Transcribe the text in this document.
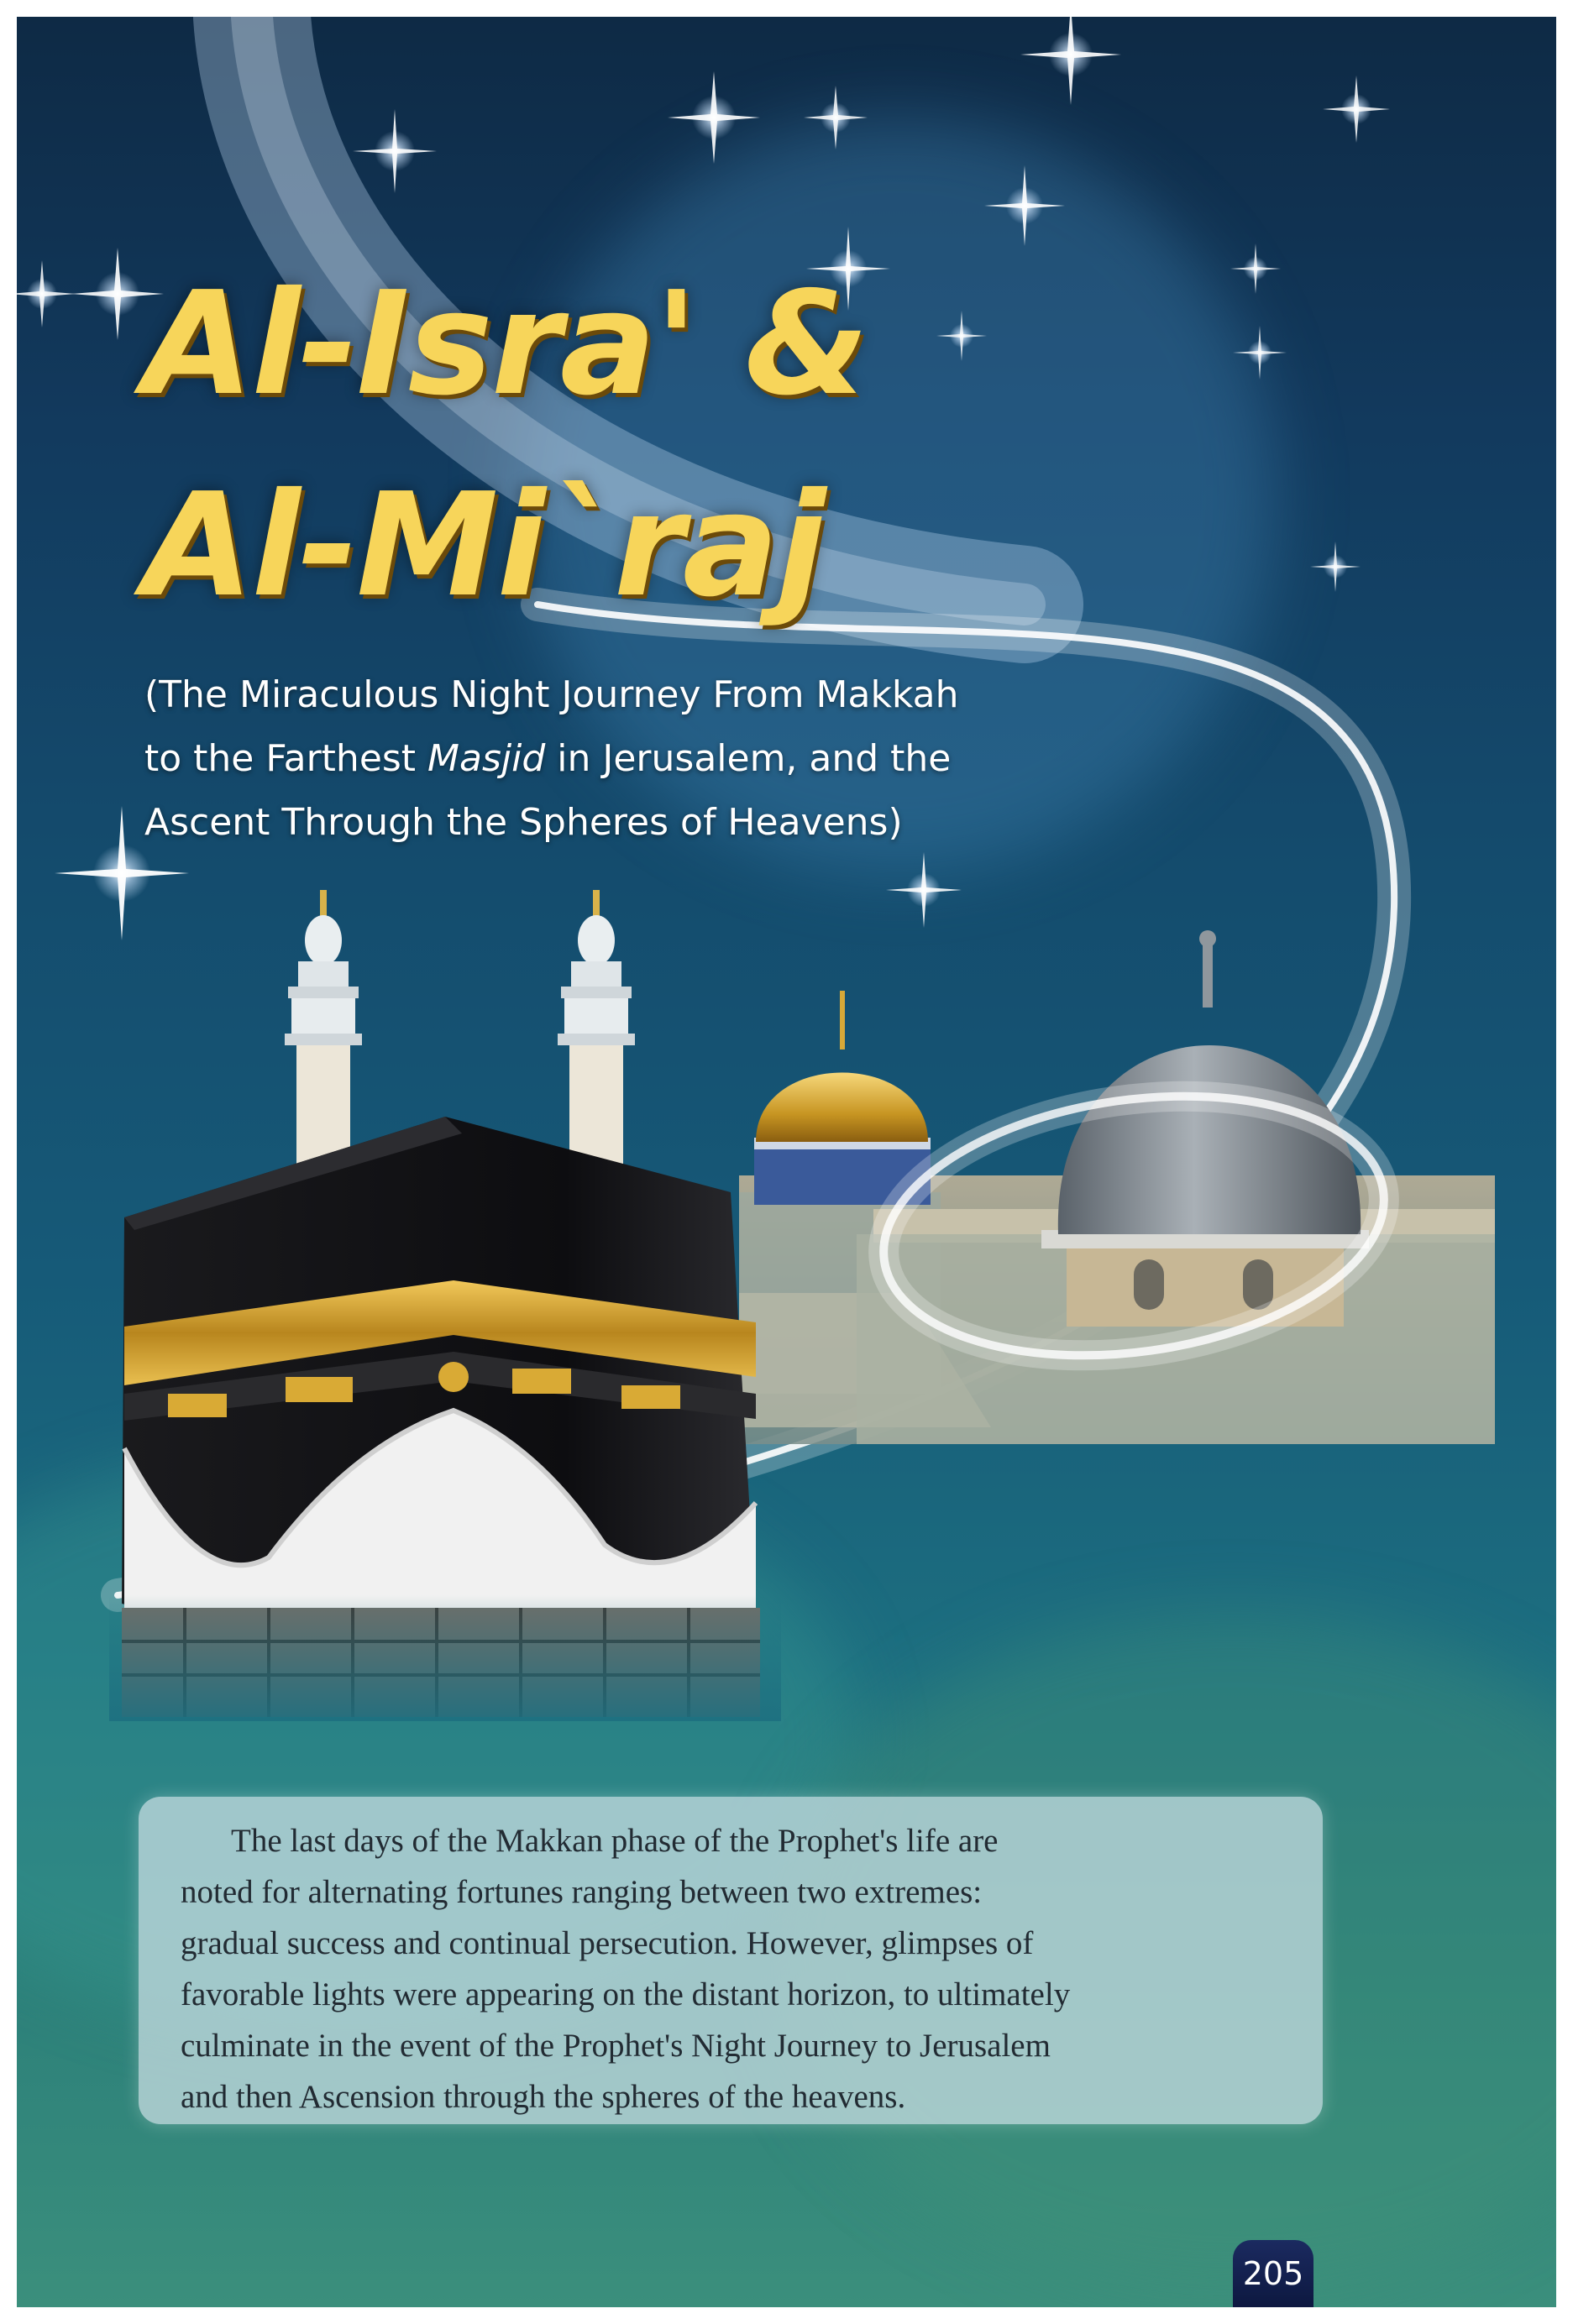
Al-Isra' &
Al-Mi`raj
(The Miraculous Night Journey From Makkah
to the Farthest Masjid in Jerusalem, and the
Ascent Through the Spheres of Heavens)

The last days of the Makkan phase of the Prophet's life are
noted for alternating fortunes ranging between two extremes:
gradual success and continual persecution. However, glimpses of
favorable lights were appearing on the distant horizon, to ultimately
culminate in the event of the Prophet's Night Journey to Jerusalem
and then Ascension through the spheres of the heavens.

205
